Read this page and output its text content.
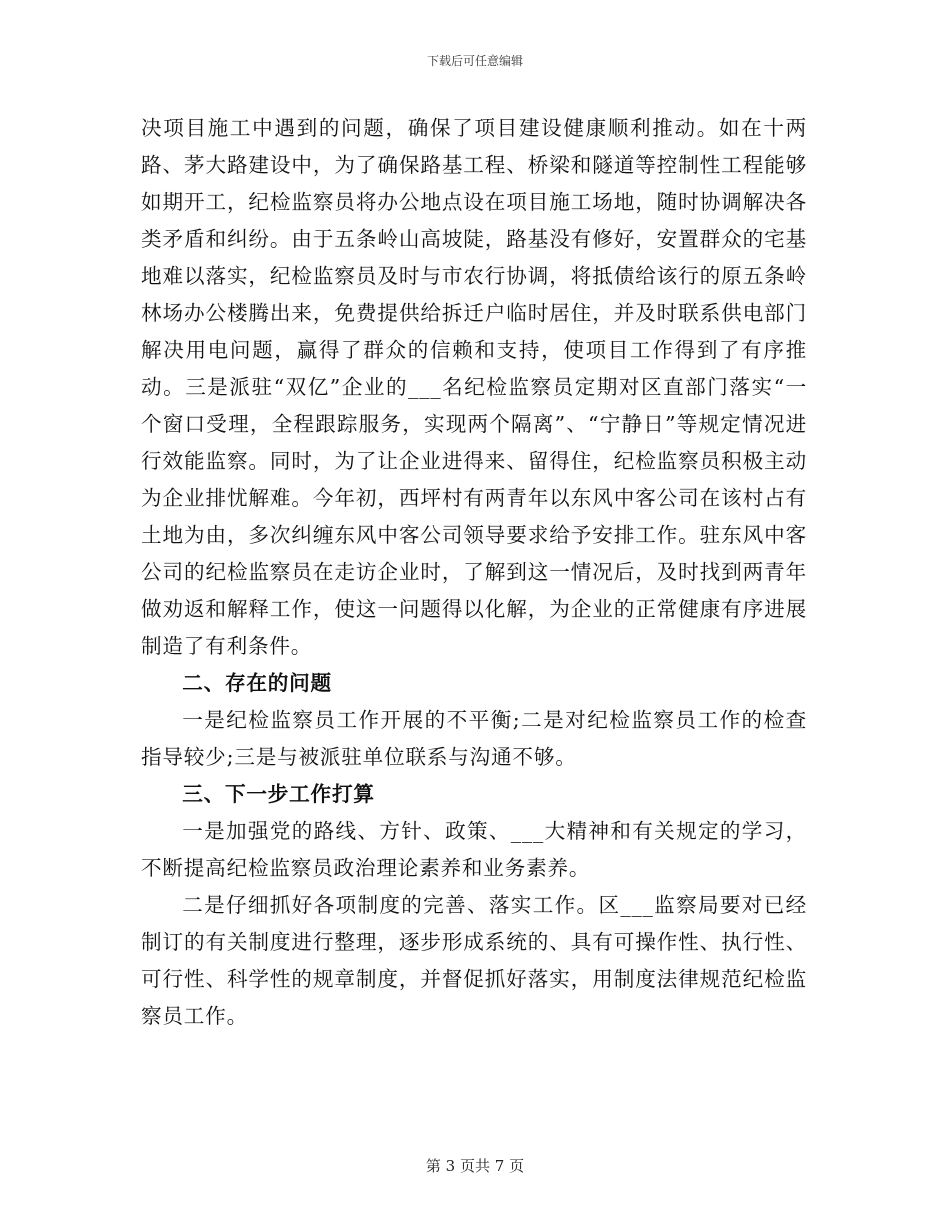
下载后可任意编辑

决项目施工中遇到的问题，确保了项目建设健康顺利推动。如在十两路、茅大路建设中，为了确保路基工程、桥梁和隧道等控制性工程能够如期开工，纪检监察员将办公地点设在项目施工场地，随时协调解决各类矛盾和纠纷。由于五条岭山高坡陡，路基没有修好，安置群众的宅基地难以落实，纪检监察员及时与市农行协调，将抵债给该行的原五条岭林场办公楼腾出来，免费提供给拆迁户临时居住，并及时联系供电部门解决用电问题，赢得了群众的信赖和支持，使项目工作得到了有序推动。三是派驻“双亿”企业的___名纪检监察员定期对区直部门落实“一个窗口受理，全程跟踪服务，实现两个隔离”、“宁静日”等规定情况进行效能监察。同时，为了让企业进得来、留得住，纪检监察员积极主动为企业排忧解难。今年初，西坪村有两青年以东风中客公司在该村占有土地为由，多次纠缠东风中客公司领导要求给予安排工作。驻东风中客公司的纪检监察员在走访企业时，了解到这一情况后，及时找到两青年做劝返和解释工作，使这一问题得以化解，为企业的正常健康有序进展制造了有利条件。

二、存在的问题

一是纪检监察员工作开展的不平衡;二是对纪检监察员工作的检查指导较少;三是与被派驻单位联系与沟通不够。

三、下一步工作打算

一是加强党的路线、方针、政策、___大精神和有关规定的学习，不断提高纪检监察员政治理论素养和业务素养。

二是仔细抓好各项制度的完善、落实工作。区___监察局要对已经制订的有关制度进行整理，逐步形成系统的、具有可操作性、执行性、可行性、科学性的规章制度，并督促抓好落实，用制度法律规范纪检监察员工作。

第 3 页共 7 页
